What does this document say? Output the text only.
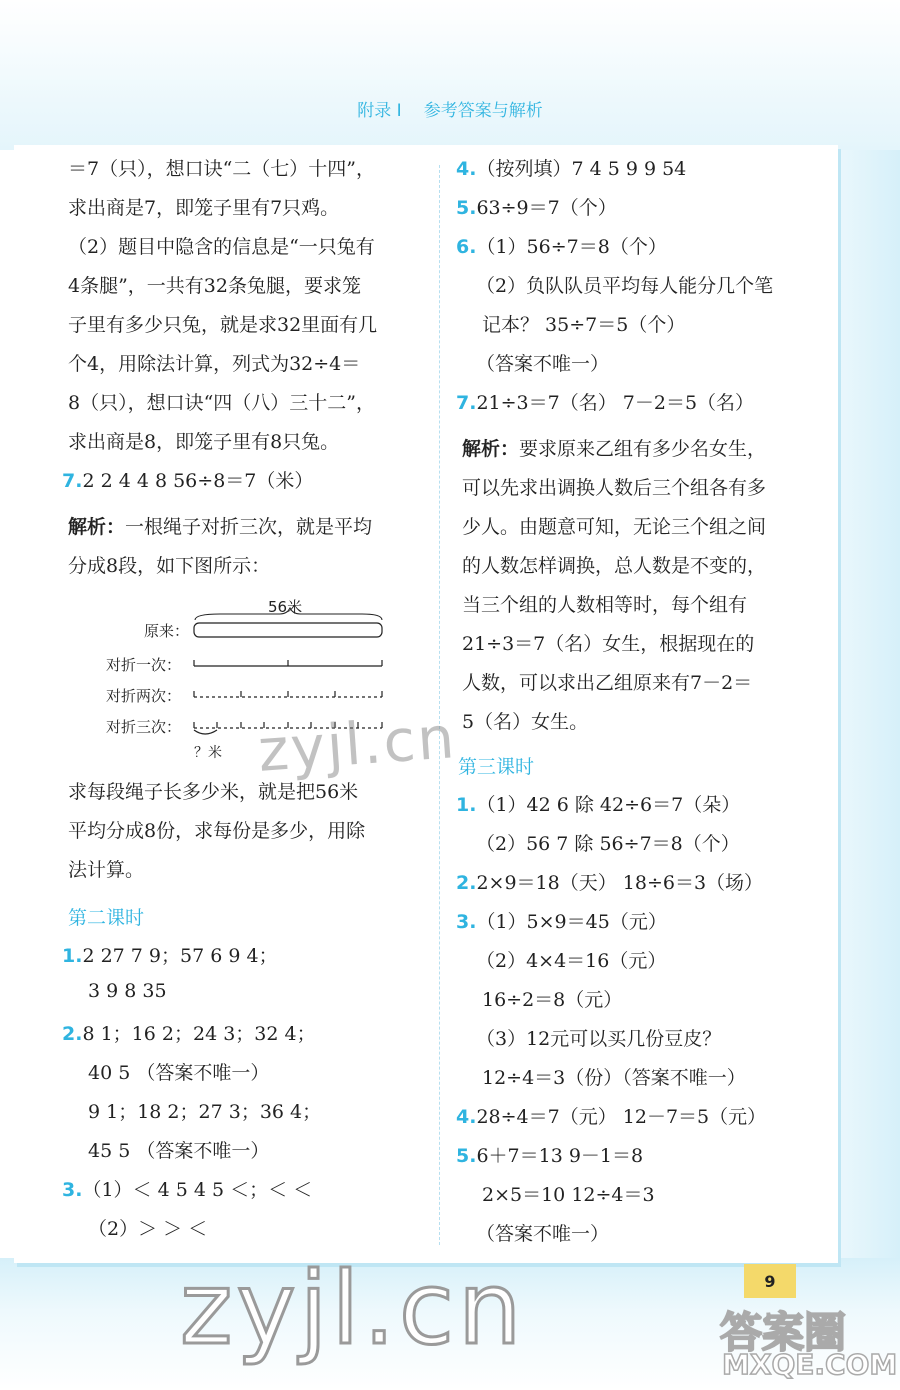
附录 I 参考答案与解析
＝7（只），想口诀“二（七）十四”，
求出商是7，即笼子里有7只鸡。
（2）题目中隐含的信息是“一只兔有
4条腿”，一共有32条兔腿，要求笼
子里有多少只兔，就是求32里面有几
个4，用除法计算，列式为32÷4＝
8（只），想口诀“四（八）三十二”，
求出商是8，即笼子里有8只兔。
7.2 2 4 4 8 56÷8＝7（米）
解析：一根绳子对折三次，就是平均
分成8段，如下图所示：
56米
原来：
对折一次：
对折两次：
对折三次：
？米
求每段绳子长多少米，就是把56米
平均分成8份，求每份是多少，用除
法计算。
第二课时
1.2 27 7 9；57 6 9 4；
3 9 8 35
2.8 1；16 2；24 3；32 4；
40 5 （答案不唯一）
9 1；18 2；27 3；36 4；
45 5 （答案不唯一）
3.（1）＜ 4 5 4 5 ＜；＜ ＜
（2）＞ ＞ ＜
4.（按列填）7 4 5 9 9 54
5.63÷9＝7（个）
6.（1）56÷7＝8（个）
（2）负队队员平均每人能分几个笔
记本？ 35÷7＝5（个）
（答案不唯一）
7.21÷3＝7（名） 7－2＝5（名）
解析：要求原来乙组有多少名女生，
可以先求出调换人数后三个组各有多
少人。由题意可知，无论三个组之间
的人数怎样调换，总人数是不变的，
当三个组的人数相等时，每个组有
21÷3＝7（名）女生，根据现在的
人数，可以求出乙组原来有7－2＝
5（名）女生。
第三课时
1.（1）42 6 除 42÷6＝7（朵）
（2）56 7 除 56÷7＝8（个）
2.2×9＝18（天） 18÷6＝3（场）
3.（1）5×9＝45（元）
（2）4×4＝16（元）
16÷2＝8（元）
（3）12元可以买几份豆皮？
12÷4＝3（份）（答案不唯一）
4.28÷4＝7（元） 12－7＝5（元）
5.6＋7＝13 9－1＝8
2×5＝10 12÷4＝3
（答案不唯一）
9
zyjl.cn
zyjl.cn	答案圈
MXQE.COM
